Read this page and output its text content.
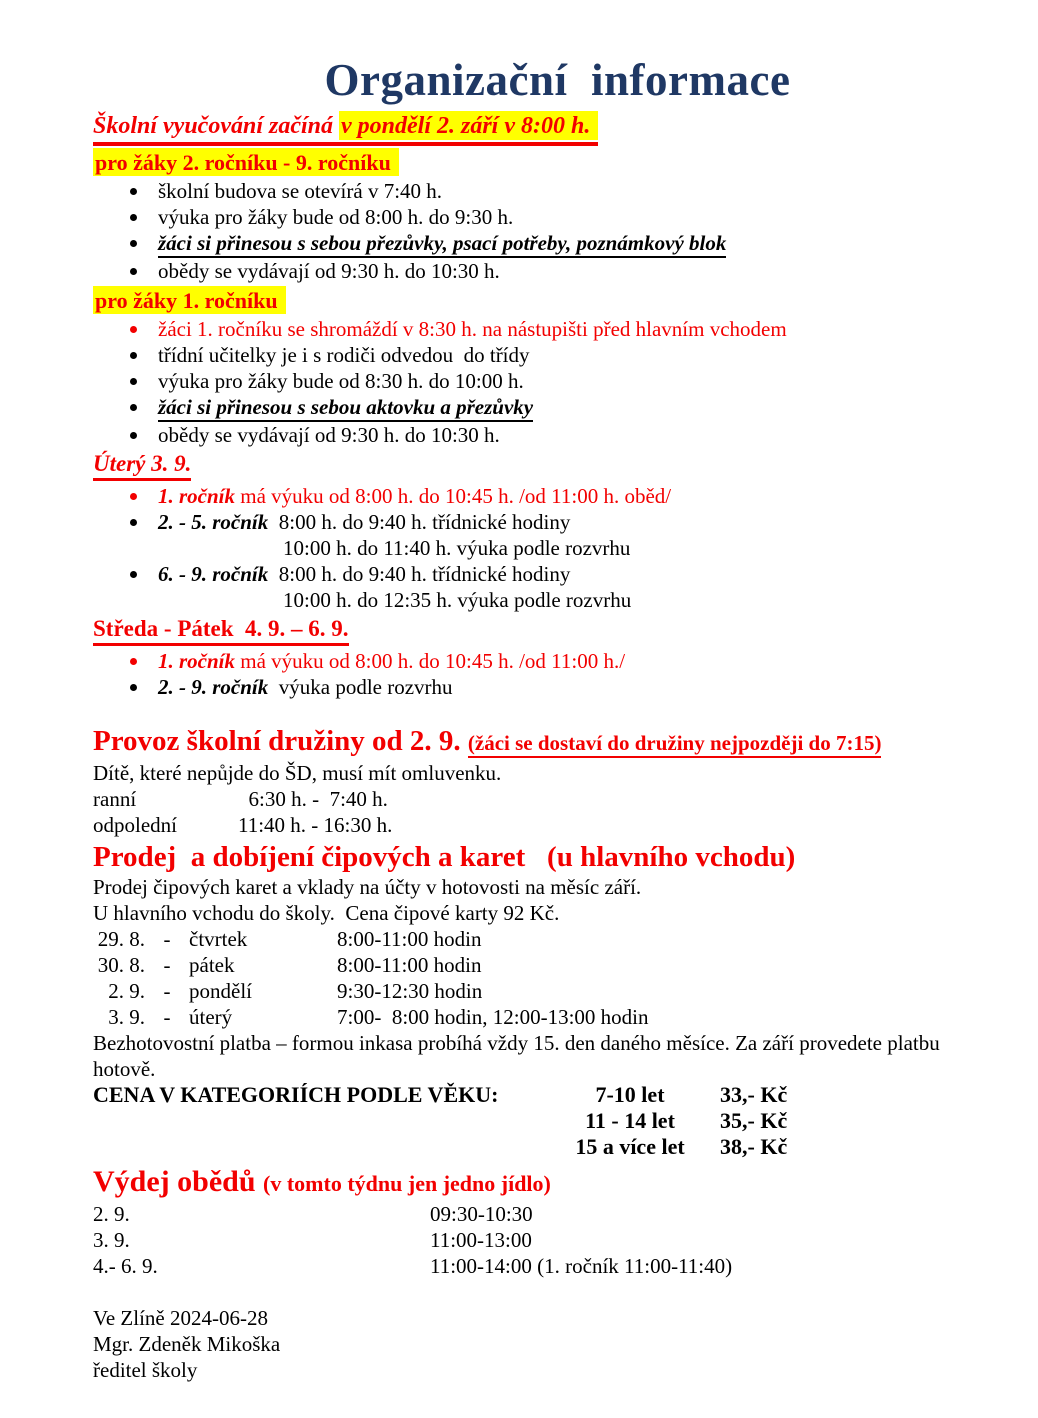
Organizační  informace
Školní vyučování začíná v pondělí 2. září v 8:00 h.
pro žáky 2. ročníku - 9. ročníku
školní budova se otevírá v 7:40 h.
výuka pro žáky bude od 8:00 h. do 9:30 h.
žáci si přinesou s sebou přezůvky, psací potřeby, poznámkový blok
obědy se vydávají od 9:30 h. do 10:30 h.
pro žáky 1. ročníku
žáci 1. ročníku se shromáždí v 8:30 h. na nástupišti před hlavním vchodem
třídní učitelky je i s rodiči odvedou  do třídy
výuka pro žáky bude od 8:30 h. do 10:00 h.
žáci si přinesou s sebou aktovku a přezůvky
obědy se vydávají od 9:30 h. do 10:30 h.
Úterý 3. 9.
1. ročník má výuku od 8:00 h. do 10:45 h. /od 11:00 h. oběd/
2. - 5. ročník  8:00 h. do 9:40 h. třídnické hodiny
10:00 h. do 11:40 h. výuka podle rozvrhu
6. - 9. ročník  8:00 h. do 9:40 h. třídnické hodiny
10:00 h. do 12:35 h. výuka podle rozvrhu
Středa - Pátek  4. 9. – 6. 9.
1. ročník má výuku od 8:00 h. do 10:45 h. /od 11:00 h./
2. - 9. ročník  výuka podle rozvrhu
Provoz školní družiny od 2. 9. (žáci se dostaví do družiny nejpozději do 7:15)
Dítě, které nepůjde do ŠD, musí mít omluvenku.
ranní	6:30 h. -  7:40 h.
odpolední	11:40 h. - 16:30 h.
Prodej  a dobíjení čipových a karet   (u hlavního vchodu)
Prodej čipových karet a vklady na účty v hotovosti na měsíc září.
U hlavního vchodu do školy.  Cena čipové karty 92 Kč.
29. 8. - čtvrtek	8:00-11:00 hodin
30. 8. - pátek	8:00-11:00 hodin
2. 9. - pondělí	9:30-12:30 hodin
3. 9. - úterý	7:00-  8:00 hodin, 12:00-13:00 hodin
Bezhotovostní platba – formou inkasa probíhá vždy 15. den daného měsíce. Za září provedete platbu hotově.
CENA V KATEGORIÍCH PODLE VĚKU:	7-10 let	33,- Kč
11 - 14 let	35,- Kč
15 a více let	38,- Kč
Výdej obědů (v tomto týdnu jen jedno jídlo)
2. 9.	09:30-10:30
3. 9.	11:00-13:00
4.- 6. 9.	11:00-14:00 (1. ročník 11:00-11:40)
Ve Zlíně 2024-06-28
Mgr. Zdeněk Mikoška
ředitel školy
